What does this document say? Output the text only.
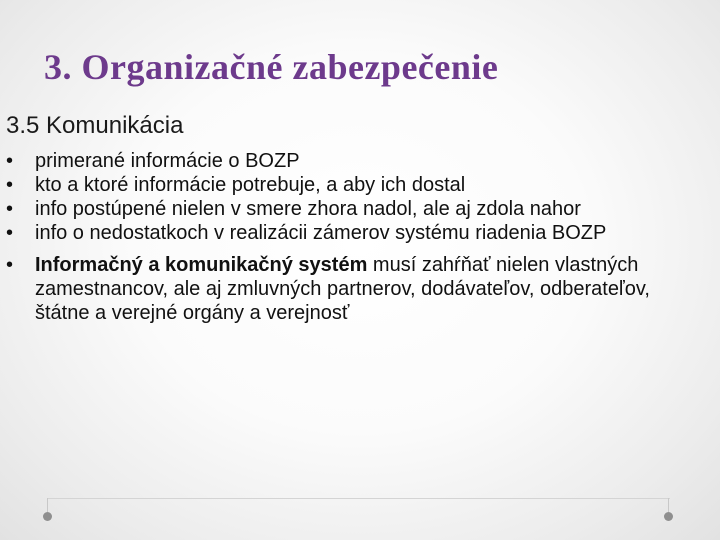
3. Organizačné zabezpečenie
3.5 Komunikácia
• primerané informácie o BOZP
• kto a ktoré informácie potrebuje, a aby ich dostal
• info postúpené nielen v smere zhora nadol, ale aj zdola nahor
• info o nedostatkoch v realizácii zámerov systému riadenia BOZP
• Informačný a komunikačný systém musí zahŕňať nielen vlastných zamestnancov, ale aj zmluvných partnerov, dodávateľov, odberateľov, štátne a verejné orgány a verejnosť
